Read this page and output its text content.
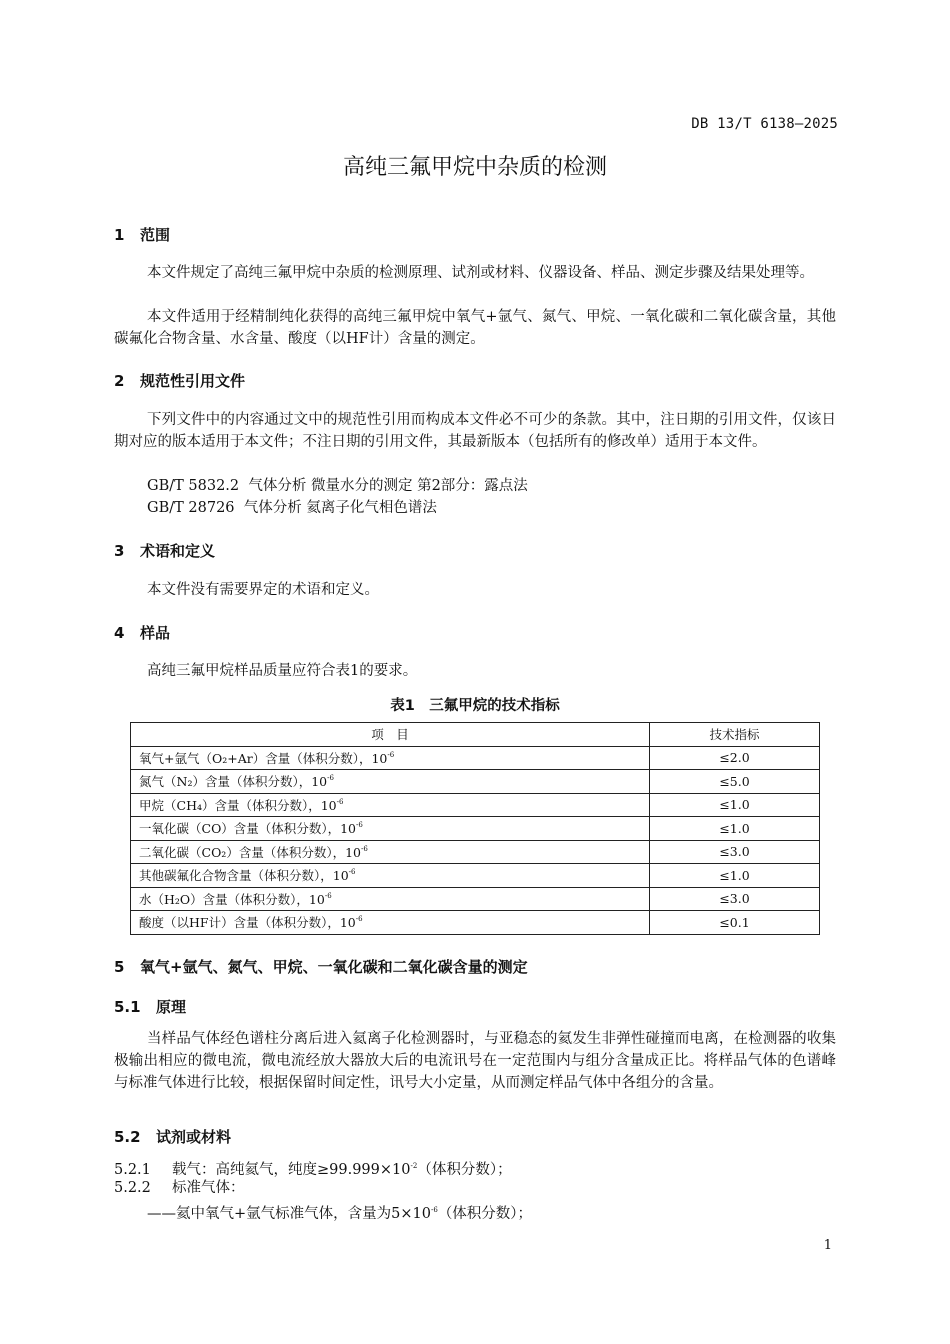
DB 13/T 6138—2025
高纯三氟甲烷中杂质的检测
1 范围
本文件规定了高纯三氟甲烷中杂质的检测原理、试剂或材料、仪器设备、样品、测定步骤及结果处理等。
本文件适用于经精制纯化获得的高纯三氟甲烷中氧气+氩气、氮气、甲烷、一氧化碳和二氧化碳含量，其他碳氟化合物含量、水含量、酸度（以HF计）含量的测定。
2 规范性引用文件
下列文件中的内容通过文中的规范性引用而构成本文件必不可少的条款。其中，注日期的引用文件，仅该日期对应的版本适用于本文件；不注日期的引用文件，其最新版本（包括所有的修改单）适用于本文件。
GB/T 5832.2  气体分析 微量水分的测定 第2部分：露点法
GB/T 28726  气体分析 氦离子化气相色谱法
3 术语和定义
本文件没有需要界定的术语和定义。
4 样品
高纯三氟甲烷样品质量应符合表1的要求。
表1　三氟甲烷的技术指标
项　目	技术指标
氧气+氩气（O₂+Ar）含量（体积分数），$10^{-6}$	≤2.0
氮气（N₂）含量（体积分数），$10^{-6}$	≤5.0
甲烷（CH₄）含量（体积分数），$10^{-6}$	≤1.0
一氧化碳（CO）含量（体积分数），$10^{-6}$	≤1.0
二氧化碳（CO₂）含量（体积分数），$10^{-6}$	≤3.0
其他碳氟化合物含量（体积分数），$10^{-6}$	≤1.0
水（H₂O）含量（体积分数），$10^{-6}$	≤3.0
酸度（以HF计）含量（体积分数），$10^{-6}$	≤0.1
5 氧气+氩气、氮气、甲烷、一氧化碳和二氧化碳含量的测定
5.1 原理
当样品气体经色谱柱分离后进入氦离子化检测器时，与亚稳态的氦发生非弹性碰撞而电离，在检测器的收集极输出相应的微电流，微电流经放大器放大后的电流讯号在一定范围内与组分含量成正比。将样品气体的色谱峰与标准气体进行比较，根据保留时间定性，讯号大小定量，从而测定样品气体中各组分的含量。
5.2 试剂或材料
5.2.1 载气：高纯氦气，纯度$\ge 99.999\times 10^{-2}$（体积分数）；
5.2.2 标准气体：
——氦中氧气+氩气标准气体，含量为$5\times 10^{-6}$（体积分数）；
1
